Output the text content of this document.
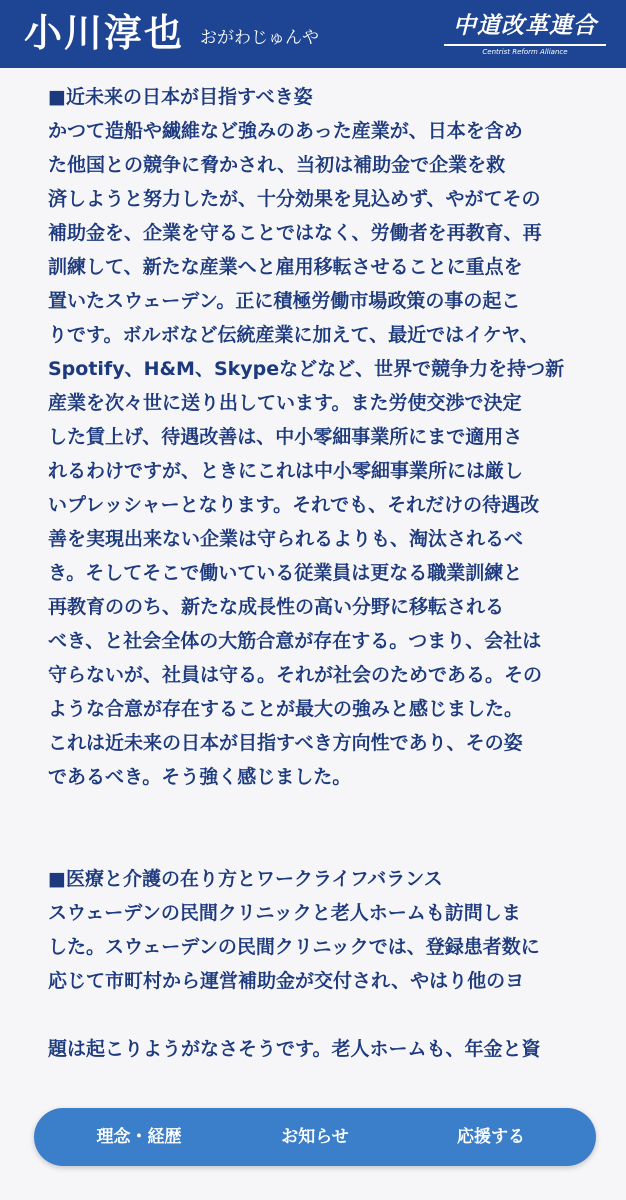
小川淳也 おがわじゅんや	中道改革連合
Centrist Reform Alliance

■近未来の日本が目指すべき姿

かつて造船や繊維など強みのあった産業が、日本を含め

た他国との競争に脅かされ、当初は補助金で企業を救

済しようと努力したが、十分効果を見込めず、やがてその

補助金を、企業を守ることではなく、労働者を再教育、再

訓練して、新たな産業へと雇用移転させることに重点を

置いたスウェーデン。正に積極労働市場政策の事の起こ

りです。ボルボなど伝統産業に加えて、最近ではイケヤ、

Spotify、H&M、Skypeなどなど、世界で競争力を持つ新

産業を次々世に送り出しています。また労使交渉で決定

した賃上げ、待遇改善は、中小零細事業所にまで適用さ

れるわけですが、ときにこれは中小零細事業所には厳し

いプレッシャーとなります。それでも、それだけの待遇改

善を実現出来ない企業は守られるよりも、淘汰されるべ

き。そしてそこで働いている従業員は更なる職業訓練と

再教育ののち、新たな成長性の高い分野に移転される

べき、と社会全体の大筋合意が存在する。つまり、会社は

守らないが、社員は守る。それが社会のためである。その

ような合意が存在することが最大の強みと感じました。

これは近未来の日本が目指すべき方向性であり、その姿

であるべき。そう強く感じました。

■医療と介護の在り方とワークライフバランス

スウェーデンの民間クリニックと老人ホームも訪問しま

した。スウェーデンの民間クリニックでは、登録患者数に

応じて市町村から運営補助金が交付され、やはり他のヨ

題は起こりようがなさそうです。老人ホームも、年金と資

理念・経歴	お知らせ	応援する
